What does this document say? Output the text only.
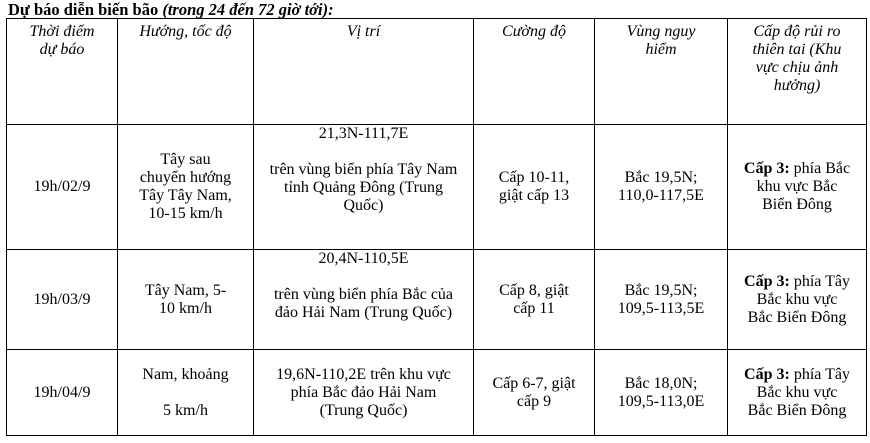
Dự báo diễn biến bão (trong 24 đến 72 giờ tới):
Thời điểm
dự báo	Hướng, tốc độ	Vị trí	Cường độ	Vùng nguy
hiểm	Cấp độ rủi ro
thiên tai (Khu
vực chịu ảnh
hưởng)
19h/02/9	Tây sau
chuyển hướng
Tây Tây Nam,
10-15 km/h	21,3N-111,7E
trên vùng biển phía Tây Nam
tỉnh Quảng Đông (Trung
Quốc)	Cấp 10-11,
giật cấp 13	Bắc 19,5N;
110,0-117,5E	Cấp 3: phía Bắc
khu vực Bắc
Biển Đông
19h/03/9	Tây Nam, 5-
10 km/h	20,4N-110,5E
trên vùng biển phía Bắc của
đảo Hải Nam (Trung Quốc)	Cấp 8, giật
cấp 11	Bắc 19,5N;
109,5-113,5E	Cấp 3: phía Tây
Bắc khu vực
Bắc Biển Đông
19h/04/9	Nam, khoảng

5 km/h	19,6N-110,2E trên khu vực
phía Bắc đảo Hải Nam
(Trung Quốc)	Cấp 6-7, giật
cấp 9	Bắc 18,0N;
109,5-113,0E	Cấp 3: phía Tây
Bắc khu vực
Bắc Biển Đông
